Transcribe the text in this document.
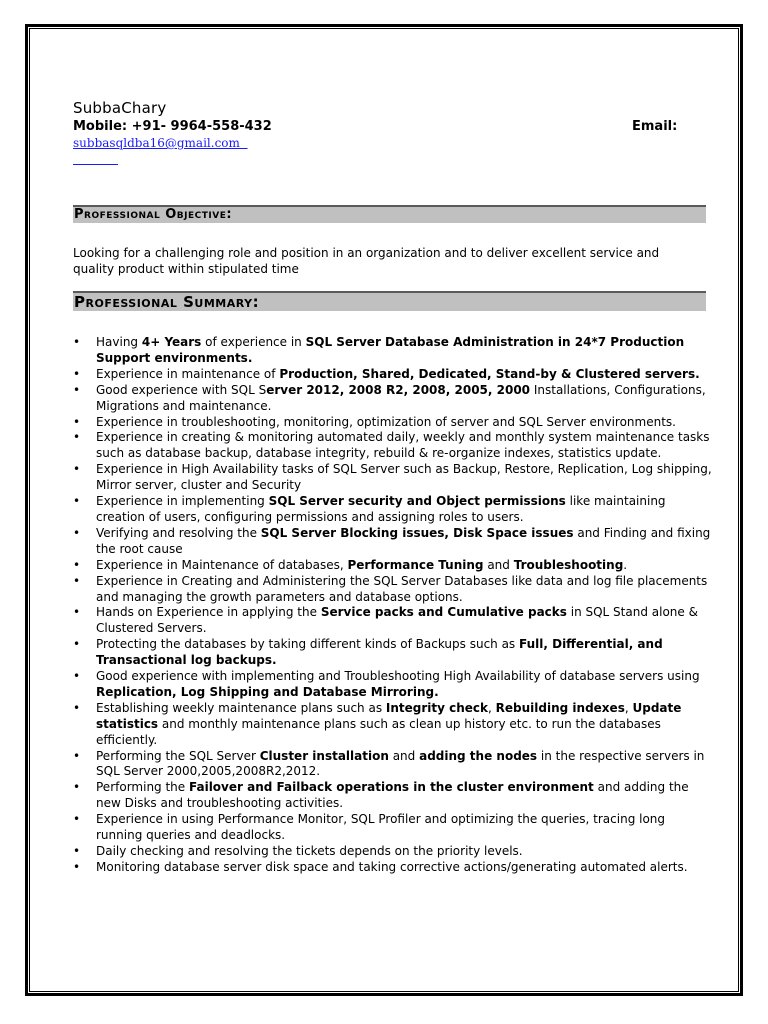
SubbaChary
Mobile: +91- 9964-558-432	Email:
subbasqldba16@gmail.com
Professional Objective:
Looking for a challenging role and position in an organization and to deliver excellent service and quality product within stipulated time
Professional Summary:
• Having 4+ Years of experience in SQL Server Database Administration in 24*7 Production Support environments.
• Experience in maintenance of Production, Shared, Dedicated, Stand-by & Clustered servers.
• Good experience with SQL Server 2012, 2008 R2, 2008, 2005, 2000 Installations, Configurations, Migrations and maintenance.
• Experience in troubleshooting, monitoring, optimization of server and SQL Server environments.
• Experience in creating & monitoring automated daily, weekly and monthly system maintenance tasks such as database backup, database integrity, rebuild & re-organize indexes, statistics update.
• Experience in High Availability tasks of SQL Server such as Backup, Restore, Replication, Log shipping, Mirror server, cluster and Security
• Experience in implementing SQL Server security and Object permissions like maintaining creation of users, configuring permissions and assigning roles to users.
• Verifying and resolving the SQL Server Blocking issues, Disk Space issues and Finding and fixing the root cause
• Experience in Maintenance of databases, Performance Tuning and Troubleshooting.
• Experience in Creating and Administering the SQL Server Databases like data and log file placements and managing the growth parameters and database options.
• Hands on Experience in applying the Service packs and Cumulative packs in SQL Stand alone & Clustered Servers.
• Protecting the databases by taking different kinds of Backups such as Full, Differential, and Transactional log backups.
• Good experience with implementing and Troubleshooting High Availability of database servers using Replication, Log Shipping and Database Mirroring.
• Establishing weekly maintenance plans such as Integrity check, Rebuilding indexes, Update statistics and monthly maintenance plans such as clean up history etc. to run the databases efficiently.
• Performing the SQL Server Cluster installation and adding the nodes in the respective servers in SQL Server 2000,2005,2008R2,2012.
• Performing the Failover and Failback operations in the cluster environment and adding the new Disks and troubleshooting activities.
• Experience in using Performance Monitor, SQL Profiler and optimizing the queries, tracing long running queries and deadlocks.
• Daily checking and resolving the tickets depends on the priority levels.
• Monitoring database server disk space and taking corrective actions/generating automated alerts.
